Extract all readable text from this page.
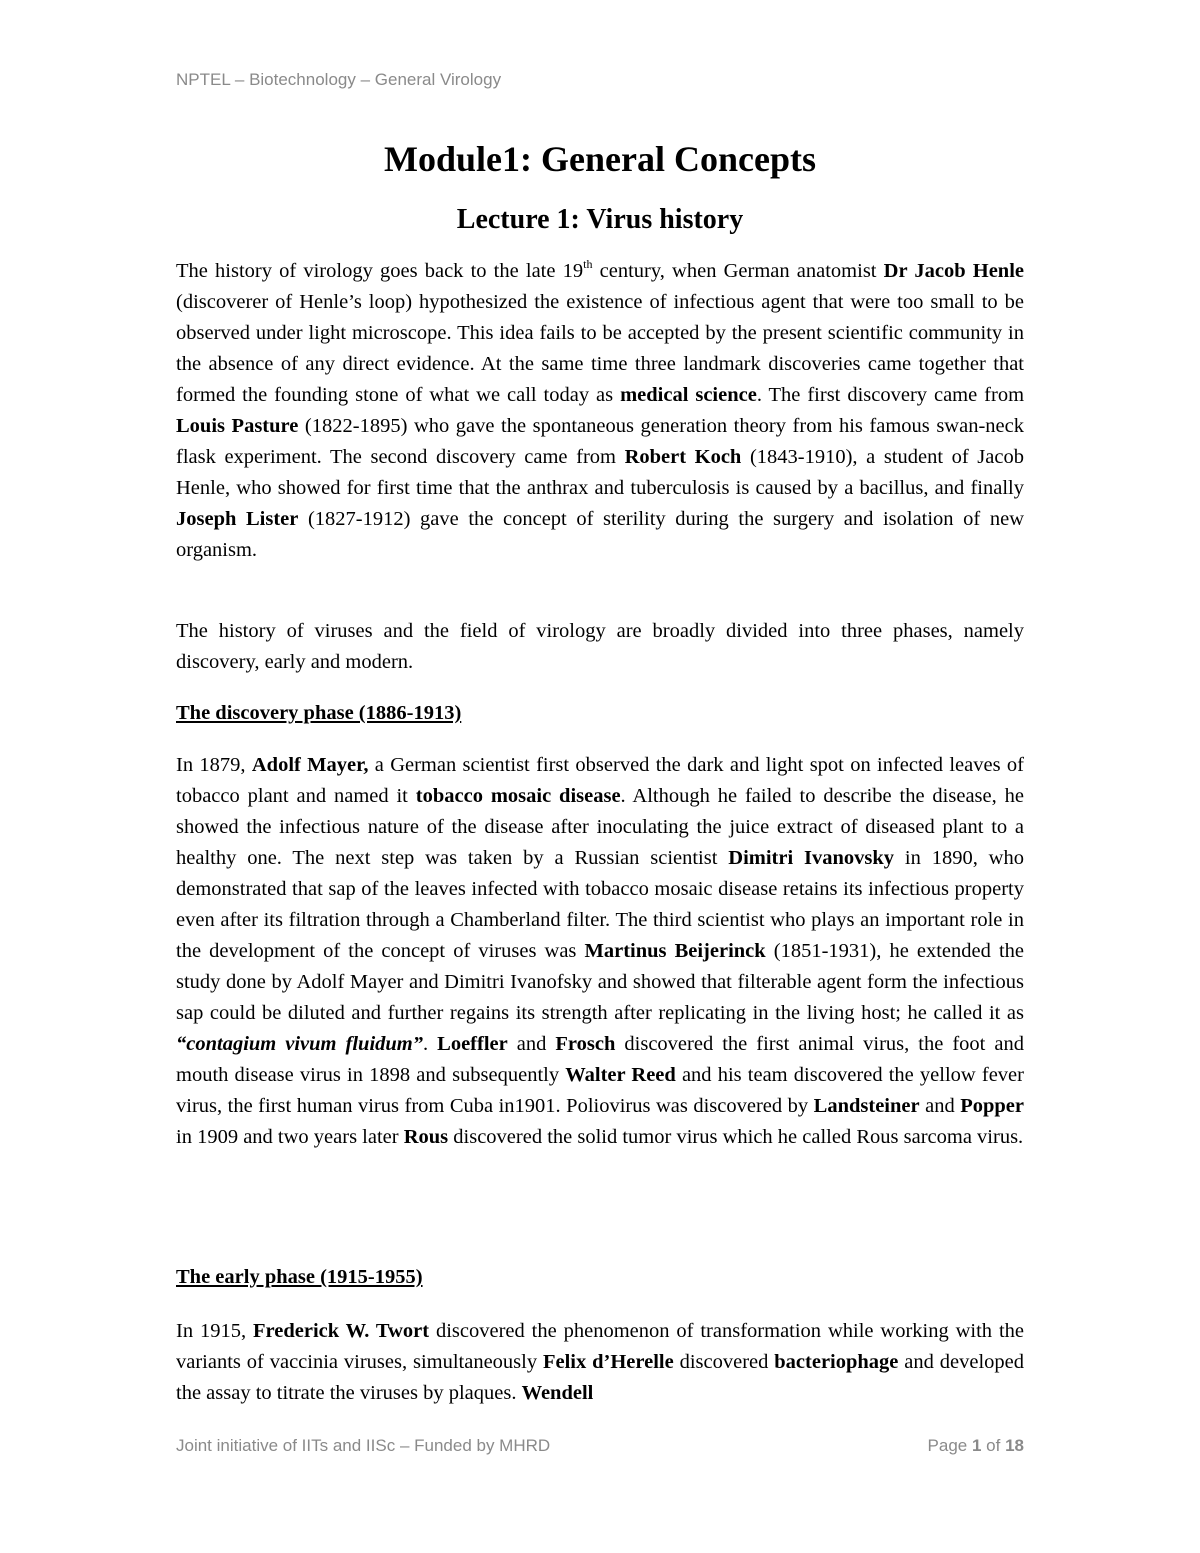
NPTEL – Biotechnology – General Virology
Module1: General Concepts
Lecture 1: Virus history

The history of virology goes back to the late 19th century, when German anatomist Dr Jacob Henle (discoverer of Henle’s loop) hypothesized the existence of infectious agent that were too small to be observed under light microscope. This idea fails to be accepted by the present scientific community in the absence of any direct evidence. At the same time three landmark discoveries came together that formed the founding stone of what we call today as medical science. The first discovery came from Louis Pasture (1822-1895) who gave the spontaneous generation theory from his famous swan-neck flask experiment. The second discovery came from Robert Koch (1843-1910), a student of Jacob Henle, who showed for first time that the anthrax and tuberculosis is caused by a bacillus, and finally Joseph Lister (1827-1912) gave the concept of sterility during the surgery and isolation of new organism.

The history of viruses and the field of virology are broadly divided into three phases, namely discovery, early and modern.

The discovery phase (1886-1913)

In 1879, Adolf Mayer, a German scientist first observed the dark and light spot on infected leaves of tobacco plant and named it tobacco mosaic disease. Although he failed to describe the disease, he showed the infectious nature of the disease after inoculating the juice extract of diseased plant to a healthy one. The next step was taken by a Russian scientist Dimitri Ivanovsky in 1890, who demonstrated that sap of the leaves infected with tobacco mosaic disease retains its infectious property even after its filtration through a Chamberland filter. The third scientist who plays an important role in the development of the concept of viruses was Martinus Beijerinck (1851-1931), he extended the study done by Adolf Mayer and Dimitri Ivanofsky and showed that filterable agent form the infectious sap could be diluted and further regains its strength after replicating in the living host; he called it as “contagium vivum fluidum”. Loeffler and Frosch discovered the first animal virus, the foot and mouth disease virus in 1898 and subsequently Walter Reed and his team discovered the yellow fever virus, the first human virus from Cuba in1901. Poliovirus was discovered by Landsteiner and Popper in 1909 and two years later Rous discovered the solid tumor virus which he called Rous sarcoma virus.

The early phase (1915-1955)

In 1915, Frederick W. Twort discovered the phenomenon of transformation while working with the variants of vaccinia viruses, simultaneously Felix d’Herelle discovered bacteriophage and developed the assay to titrate the viruses by plaques. Wendell

Joint initiative of IITs and IISc – Funded by MHRD	Page 1 of 18
